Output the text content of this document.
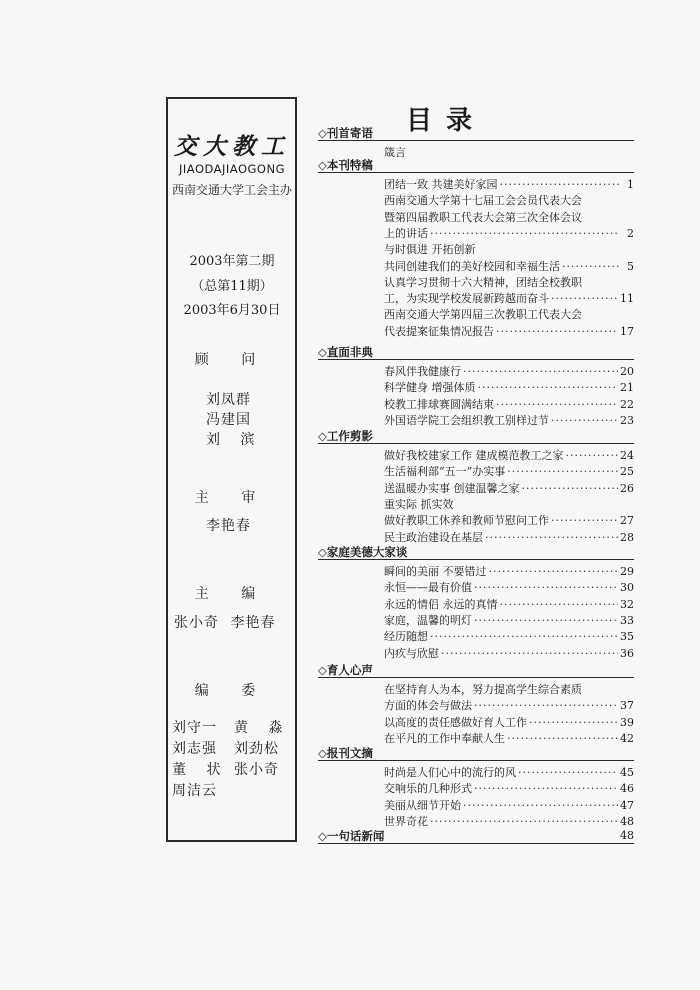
交大教工
JIAODAJIAOGONG
西南交通大学工会主办
2003年第二期
（总第11期）
2003年6月30日
顾 问
刘凤群
冯建国
刘 滨
主 审
李艳春
主 编
张小奇 李艳春
编 委
刘守一 黄 淼
刘志强 刘劲松
董 状 张小奇
周洁云
目录
◇刊首寄语
箴言
◇本刊特稿
团结一致 共建美好家园 ·····	1
西南交通大学第十七届工会会员代表大会
暨第四届教职工代表大会第三次全体会议
上的讲话 ·····	2
与时俱进 开拓创新
共同创建我们的美好校园和幸福生活 ·····	5
认真学习贯彻十六大精神，团结全校教职
工，为实现学校发展新跨越而奋斗 ·····	11
西南交通大学第四届三次教职工代表大会
代表提案征集情况报告 ·····	17
◇直面非典
春风伴我健康行 ·····	20
科学健身 增强体质 ·····	21
校教工排球赛圆满结束 ·····	22
外国语学院工会组织教工别样过节 ·····	23
◇工作剪影
做好我校建家工作 建成模范教工之家 ·····	24
生活福利部“五一”办实事 ·····	25
送温暖办实事 创建温馨之家 ·····	26
重实际 抓实效
做好教职工休养和教师节慰问工作 ·····	27
民主政治建设在基层 ·····	28
◇家庭美德大家谈
瞬间的美丽 不要错过 ·····	29
永恒——最有价值 ·····	30
永远的情侣 永远的真情 ·····	32
家庭，温馨的明灯 ·····	33
经历随想 ·····	35
内疚与欣慰 ·····	36
◇育人心声
在坚持育人为本，努力提高学生综合素质
方面的体会与做法 ·····	37
以高度的责任感做好育人工作 ·····	39
在平凡的工作中奉献人生 ·····	42
◇报刊文摘
时尚是人们心中的流行的风 ·····	45
交响乐的几种形式 ·····	46
美丽从细节开始 ·····	47
世界奇花 ·····	48
◇ 一句话新闻	48
